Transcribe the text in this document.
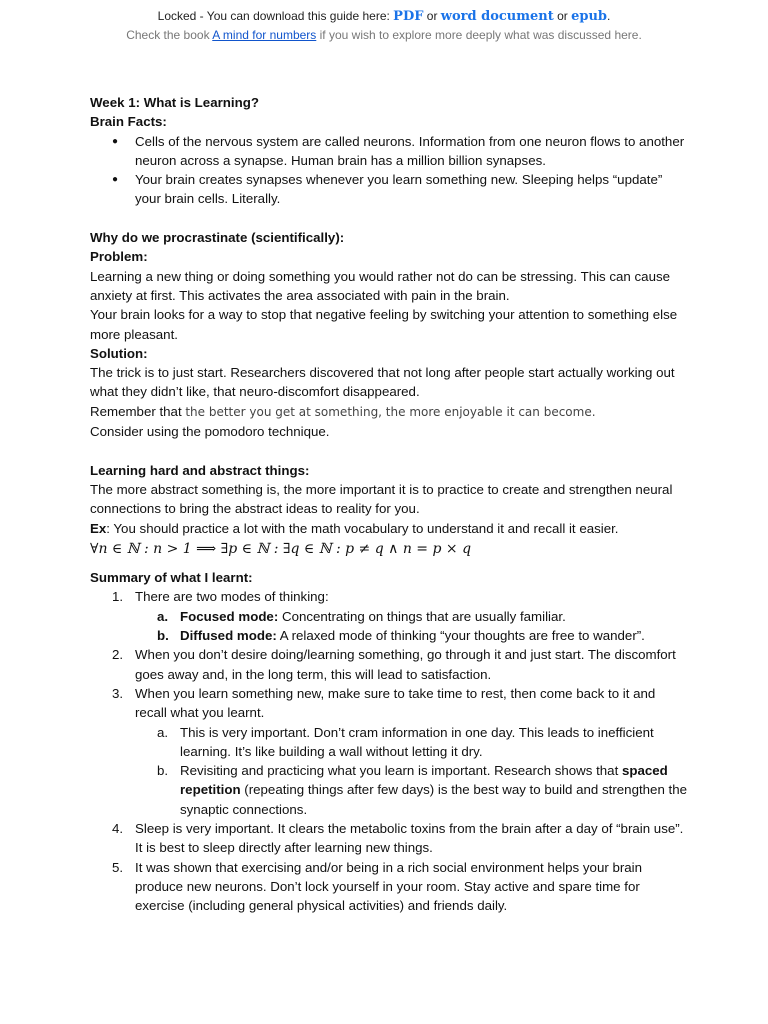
Locked - You can download this guide here: PDF or word document or epub.
Check the book A mind for numbers if you wish to explore more deeply what was discussed here.

Week 1: What is Learning?

Brain Facts:

● Cells of the nervous system are called neurons. Information from one neuron flows to another neuron across a synapse. Human brain has a million billion synapses.
● Your brain creates synapses whenever you learn something new. Sleeping helps “update” your brain cells. Literally.

Why do we procrastinate (scientifically):

Problem:

Learning a new thing or doing something you would rather not do can be stressing. This can cause anxiety at first. This activates the area associated with pain in the brain.

Your brain looks for a way to stop that negative feeling by switching your attention to something else more pleasant.

Solution:

The trick is to just start. Researchers discovered that not long after people start actually working out what they didn’t like, that neuro-discomfort disappeared.

Remember that the better you get at something, the more enjoyable it can become.

Consider using the pomodoro technique.

Learning hard and abstract things:

The more abstract something is, the more important it is to practice to create and strengthen neural connections to bring the abstract ideas to reality for you.

Ex: You should practice a lot with the math vocabulary to understand it and recall it easier.

∀n ∈ ℕ : n > 1 ⟹ ∃p ∈ ℕ : ∃q ∈ ℕ : p ≠ q ∧ n = p × q

Summary of what I learnt:

1. There are two modes of thinking:
a. Focused mode: Concentrating on things that are usually familiar.
b. Diffused mode: A relaxed mode of thinking “your thoughts are free to wander”.
2. When you don’t desire doing/learning something, go through it and just start. The discomfort goes away and, in the long term, this will lead to satisfaction.
3. When you learn something new, make sure to take time to rest, then come back to it and recall what you learnt.
a. This is very important. Don’t cram information in one day. This leads to inefficient learning. It’s like building a wall without letting it dry.
b. Revisiting and practicing what you learn is important. Research shows that spaced repetition (repeating things after few days) is the best way to build and strengthen the synaptic connections.
4. Sleep is very important. It clears the metabolic toxins from the brain after a day of “brain use”. It is best to sleep directly after learning new things.
5. It was shown that exercising and/or being in a rich social environment helps your brain produce new neurons. Don’t lock yourself in your room. Stay active and spare time for exercise (including general physical activities) and friends daily.
